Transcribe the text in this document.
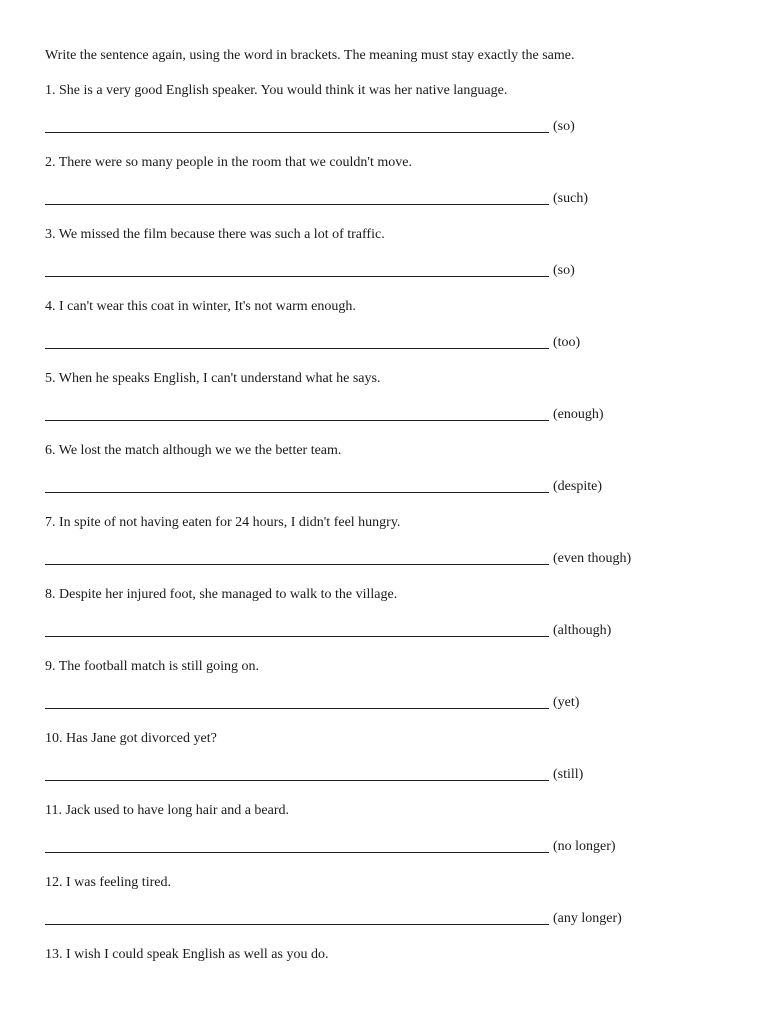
Write the sentence again, using the word in brackets. The meaning must stay exactly the same.
1. She is a very good English speaker. You would think it was her native language.
(so)
2. There were so many people in the room that we couldn't move.
(such)
3. We missed the film because there was such a lot of traffic.
(so)
4. I can't wear this coat in winter, It's not warm enough.
(too)
5. When he speaks English, I can't understand what he says.
(enough)
6. We lost the match although we we the better team.
(despite)
7. In spite of not having eaten for 24 hours, I didn't feel hungry.
(even though)
8. Despite her injured foot, she managed to walk to the village.
(although)
9. The football match is still going on.
(yet)
10. Has Jane got divorced yet?
(still)
11. Jack used to have long hair and a beard.
(no longer)
12. I was feeling tired.
(any longer)
13. I wish I could speak English as well as you do.
